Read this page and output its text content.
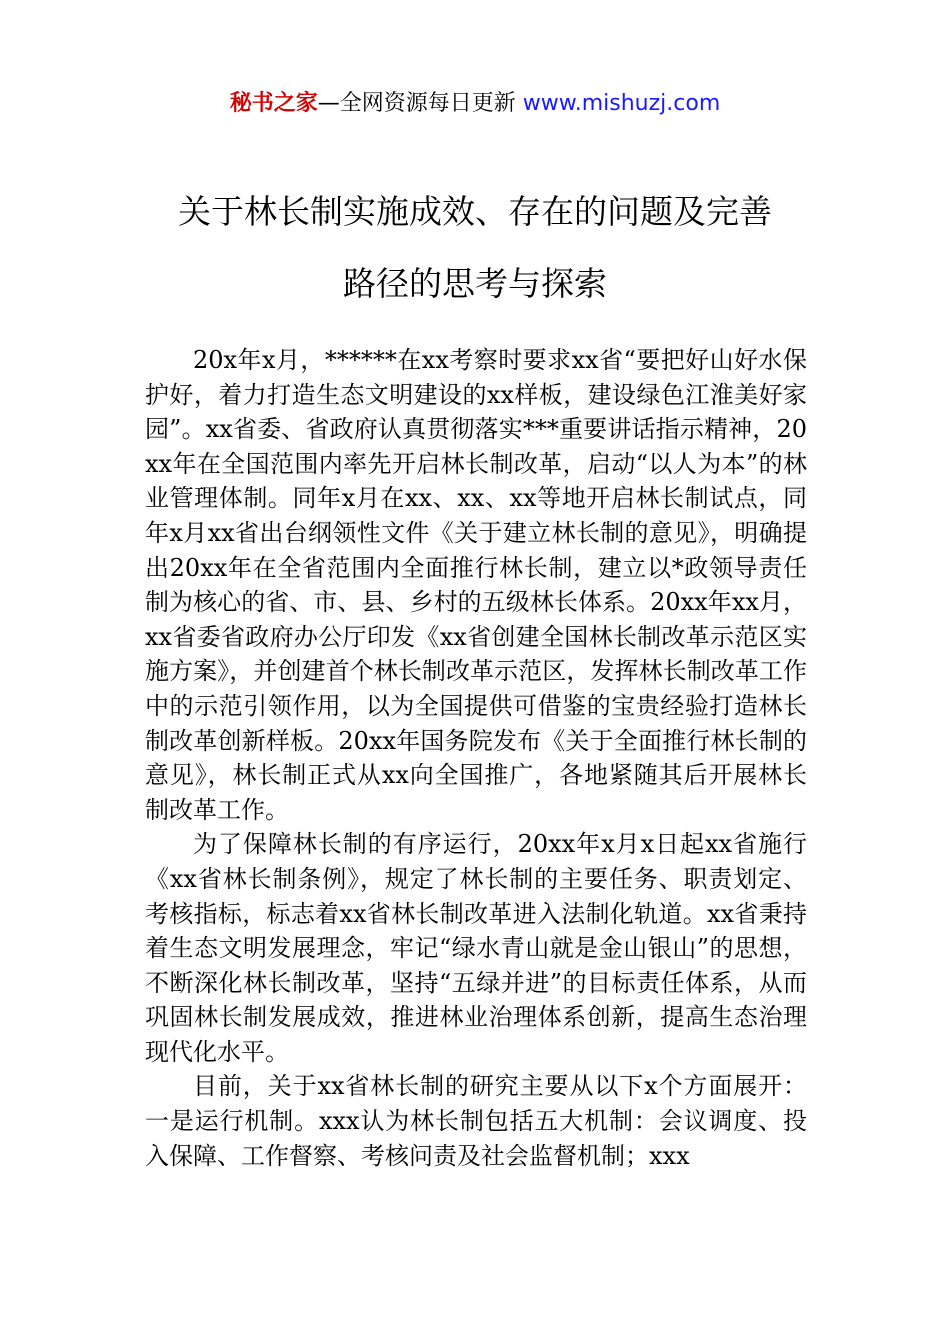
秘书之家—全网资源每日更新 www.mishuzj.com
关于林长制实施成效、存在的问题及完善
路径的思考与探索

20x年x月，******在xx考察时要求xx省“要把好山好水保护好，着力打造生态文明建设的xx样板，建设绿色江淮美好家园”。xx省委、省政府认真贯彻落实***重要讲话指示精神，20xx年在全国范围内率先开启林长制改革，启动“以人为本”的林业管理体制。同年x月在xx、xx、xx等地开启林长制试点，同年x月xx省出台纲领性文件《关于建立林长制的意见》，明确提出20xx年在全省范围内全面推行林长制，建立以*政领导责任制为核心的省、市、县、乡村的五级林长体系。20xx年xx月，xx省委省政府办公厅印发《xx省创建全国林长制改革示范区实施方案》，并创建首个林长制改革示范区，发挥林长制改革工作中的示范引领作用，以为全国提供可借鉴的宝贵经验打造林长制改革创新样板。20xx年国务院发布《关于全面推行林长制的意见》，林长制正式从xx向全国推广，各地紧随其后开展林长制改革工作。

为了保障林长制的有序运行，20xx年x月x日起xx省施行《xx省林长制条例》，规定了林长制的主要任务、职责划定、考核指标，标志着xx省林长制改革进入法制化轨道。xx省秉持着生态文明发展理念，牢记“绿水青山就是金山银山”的思想，不断深化林长制改革，坚持“五绿并进”的目标责任体系，从而巩固林长制发展成效，推进林业治理体系创新，提高生态治理现代化水平。

目前，关于xx省林长制的研究主要从以下x个方面展开：一是运行机制。xxx认为林长制包括五大机制：会议调度、投入保障、工作督察、考核问责及社会监督机制；xxx
